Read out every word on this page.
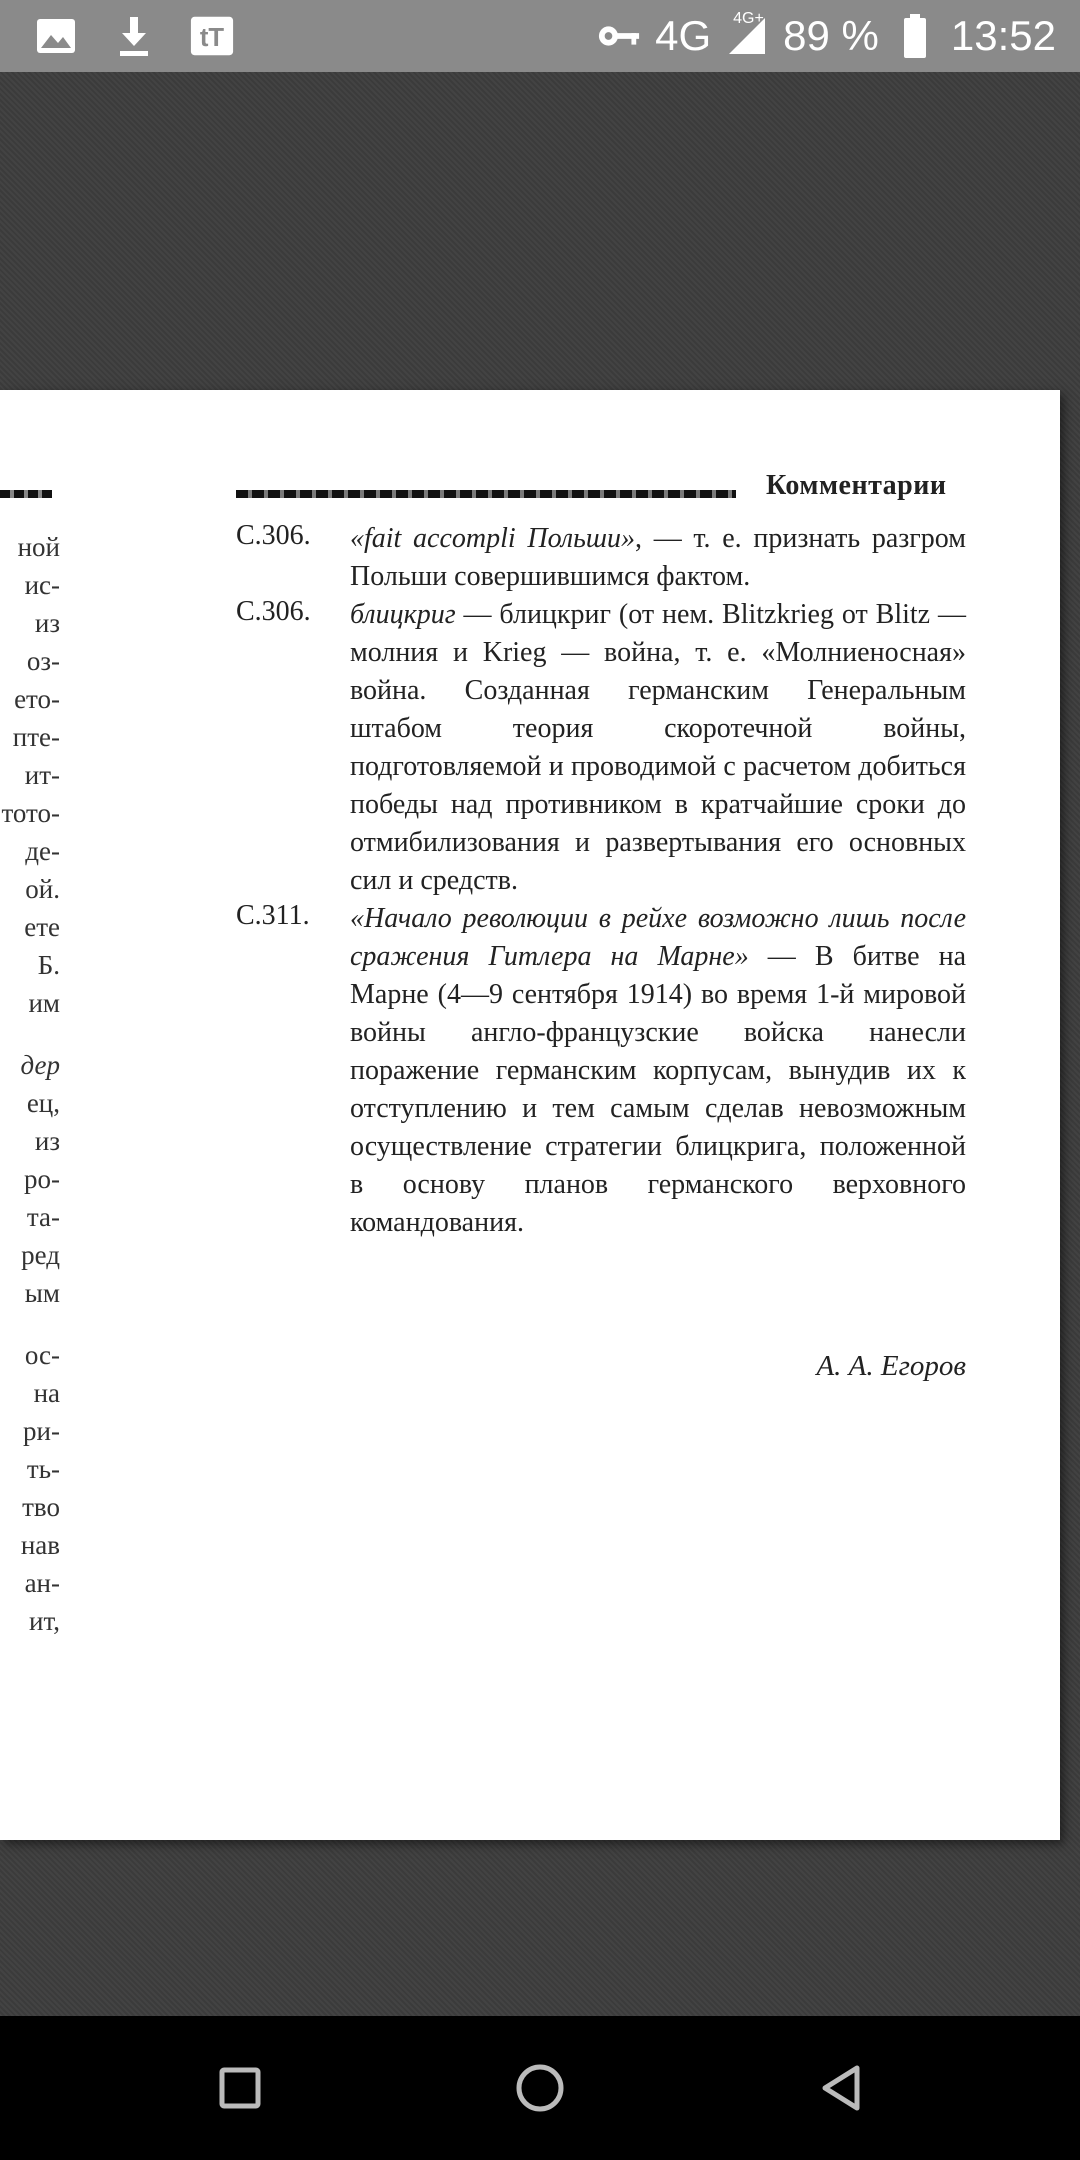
tT	4G 4G+ 89 % 13:52
Комментарии
ной
ис-
из
оз-
ето-
пте-
ит-
тото-
де-
ой.
ете
Б.
им
дер
ец,
из
ро-
та-
ред
ым
ос-
на
ри-
ть-
тво
нав
ан-
ит,
С.306.	«fait accompli Польши», — т. е. признать разгром Польши совершившимся фактом.
С.306.	блицкриг — блицкриг (от нем. Blitzkrieg от Blitz — молния и Krieg — война, т. е. «Молниеносная» война. Созданная германским Генеральным штабом теория скоротечной войны, подготовляемой и проводимой с расчетом добиться победы над противником в кратчайшие сроки до отмибилизования и развертывания его основных сил и средств.
С.311.	«Начало революции в рейхе возможно лишь после сражения Гитлера на Марне» — В битве на Марне (4—9 сентября 1914) во время 1-й мировой войны англо-французские войска нанесли поражение германским корпусам, вынудив их к отступлению и тем самым сделав невозможным осуществление стратегии блицкрига, положенной в основу планов германского верховного командования.
А. А. Егоров
